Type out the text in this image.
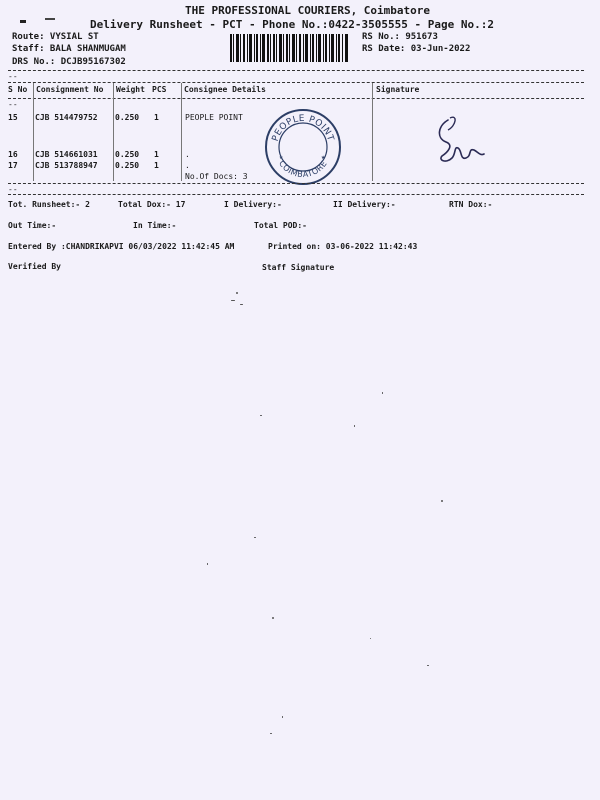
THE PROFESSIONAL COURIERS, Coimbatore
Delivery Runsheet - PCT - Phone No.:0422-3505555 - Page No.:2
Route: VYSIAL ST
Staff: BALA SHANMUGAM
DRS No.: DCJB95167302
RS No.: 951673
RS Date: 03-Jun-2022
--
S No Consignment No Weight PCS Consignee Details	Signature
--
15 CJB 514479752 0.250 1	PEOPLE POINT
16 CJB 514661031 0.250 1	.
17 CJB 513788947 0.250 1	.
No.Of Docs: 3
PEOPLE POINT
COIMBATORE
★	★
--
Tot. Runsheet:- 2	Total Dox:- 17	I Delivery:-	II Delivery:-	RTN Dox:-
Out Time:-	In Time:-	Total POD:-
Entered By :CHANDRIKAPVI 06/03/2022 11:42:45 AM	Printed on: 03-06-2022 11:42:43
Verified By	Staff Signature
